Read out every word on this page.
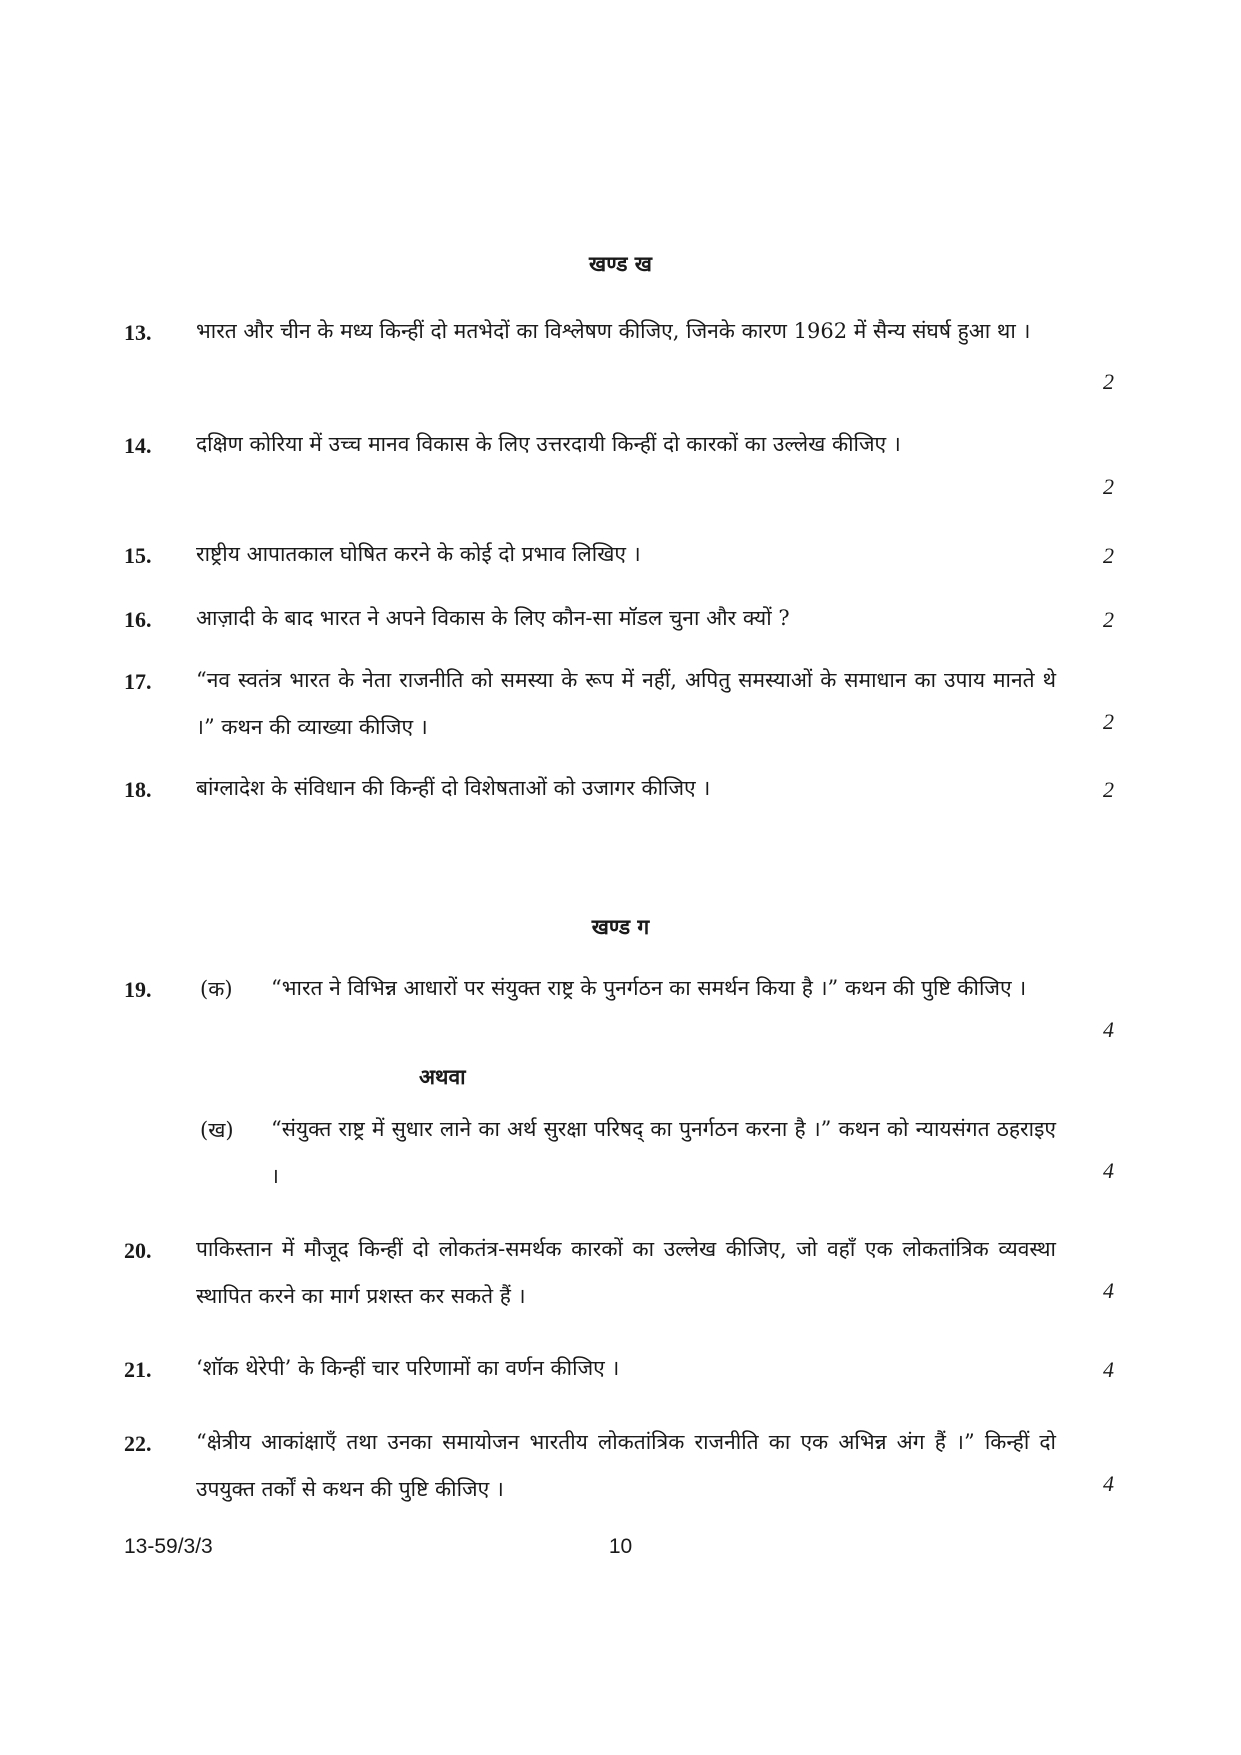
खण्ड ख
13. भारत और चीन के मध्य किन्हीं दो मतभेदों का विश्लेषण कीजिए, जिनके कारण 1962 में सैन्य संघर्ष हुआ था ।
2
14. दक्षिण कोरिया में उच्च मानव विकास के लिए उत्तरदायी किन्हीं दो कारकों का उल्लेख कीजिए ।
2
15. राष्ट्रीय आपातकाल घोषित करने के कोई दो प्रभाव लिखिए ।	2
16. आज़ादी के बाद भारत ने अपने विकास के लिए कौन-सा मॉडल चुना और क्यों ?	2
17. “नव स्वतंत्र भारत के नेता राजनीति को समस्या के रूप में नहीं, अपितु समस्याओं के समाधान का उपाय मानते थे ।” कथन की व्याख्या कीजिए ।	2
18. बांग्लादेश के संविधान की किन्हीं दो विशेषताओं को उजागर कीजिए ।	2
खण्ड ग
19. (क) “भारत ने विभिन्न आधारों पर संयुक्त राष्ट्र के पुनर्गठन का समर्थन किया है ।” कथन की पुष्टि कीजिए ।
4
अथवा
(ख) “संयुक्त राष्ट्र में सुधार लाने का अर्थ सुरक्षा परिषद् का पुनर्गठन करना है ।” कथन को न्यायसंगत ठहराइए ।	4
20. पाकिस्तान में मौजूद किन्हीं दो लोकतंत्र-समर्थक कारकों का उल्लेख कीजिए, जो वहाँ एक लोकतांत्रिक व्यवस्था स्थापित करने का मार्ग प्रशस्त कर सकते हैं ।	4
21. ‘शॉक थेरेपी’ के किन्हीं चार परिणामों का वर्णन कीजिए ।	4
22. “क्षेत्रीय आकांक्षाएँ तथा उनका समायोजन भारतीय लोकतांत्रिक राजनीति का एक अभिन्न अंग हैं ।” किन्हीं दो उपयुक्त तर्कों से कथन की पुष्टि कीजिए ।	4
13-59/3/3	10
